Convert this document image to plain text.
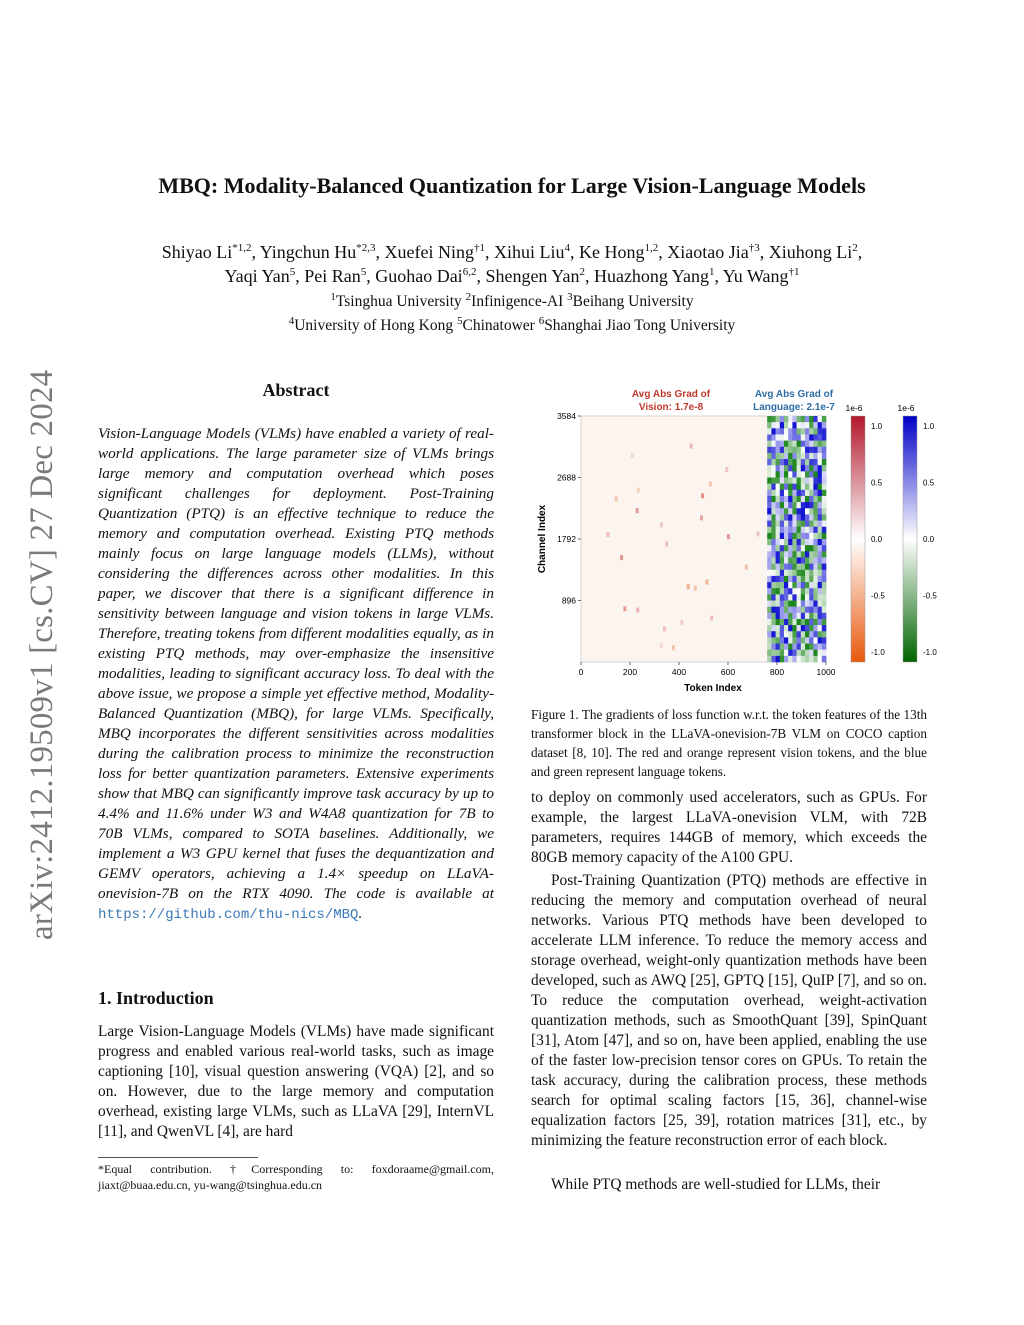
arXiv:2412.19509v1 [cs.CV] 27 Dec 2024
MBQ: Modality-Balanced Quantization for Large Vision-Language Models
Shiyao Li$^{*1,2}$, Yingchun Hu$^{*2,3}$, Xuefei Ning$^{\dagger 1}$, Xihui Liu$^4$, Ke Hong$^{1,2}$, Xiaotao Jia$^{\dagger 3}$, Xiuhong Li$^2$,
Yaqi Yan$^5$, Pei Ran$^5$, Guohao Dai$^{6,2}$, Shengen Yan$^2$, Huazhong Yang$^1$, Yu Wang$^{\dagger 1}$
$^1$Tsinghua University $^2$Infinigence-AI $^3$Beihang University
$^4$University of Hong Kong $^5$Chinatower $^6$Shanghai Jiao Tong University
Abstract
Vision-Language Models (VLMs) have enabled a variety of real-world applications. The large parameter size of VLMs brings large memory and computation overhead which poses significant challenges for deployment. Post-Training Quantization (PTQ) is an effective technique to reduce the memory and computation overhead. Existing PTQ methods mainly focus on large language models (LLMs), without considering the differences across other modalities. In this paper, we discover that there is a significant difference in sensitivity between language and vision tokens in large VLMs. Therefore, treating tokens from different modalities equally, as in existing PTQ methods, may over-emphasize the insensitive modalities, leading to significant accuracy loss. To deal with the above issue, we propose a simple yet effective method, Modality-Balanced Quantization (MBQ), for large VLMs. Specifically, MBQ incorporates the different sensitivities across modalities during the calibration process to minimize the reconstruction loss for better quantization parameters. Extensive experiments show that MBQ can significantly improve task accuracy by up to 4.4% and 11.6% under W3 and W4A8 quantization for 7B to 70B VLMs, compared to SOTA baselines. Additionally, we implement a W3 GPU kernel that fuses the dequantization and GEMV operators, achieving a 1.4× speedup on LLaVA-onevision-7B on the RTX 4090. The code is available at https://github.com/thu-nics/MBQ.
1. Introduction

Large Vision-Language Models (VLMs) have made significant progress and enabled various real-world tasks, such as image captioning [10], visual question answering (VQA) [2], and so on. However, due to the large memory and computation overhead, existing large VLMs, such as LLaVA [29], InternVL [11], and QwenVL [4], are hard

*Equal contribution. †Corresponding to: foxdoraame@gmail.com, jiaxt@buaa.edu.cn, yu-wang@tsinghua.edu.cn
0	200	400	600	800	1000
896
1792
2688
3584
Avg Abs Grad of
Vision: 1.7e-8
Avg Abs Grad of
Language: 2.1e-7
Token Index
Channel Index
1e-6
1.0
0.5
0.0
-0.5
-1.0
1e-6
1.0
0.5
0.0
-0.5
-1.0
Figure 1. The gradients of loss function w.r.t. the token features of the 13th transformer block in the LLaVA-onevision-7B VLM on COCO caption dataset [8, 10]. The red and orange represent vision tokens, and the blue and green represent language tokens.

to deploy on commonly used accelerators, such as GPUs. For example, the largest LLaVA-onevision VLM, with 72B parameters, requires 144GB of memory, which exceeds the 80GB memory capacity of the A100 GPU.

Post-Training Quantization (PTQ) methods are effective in reducing the memory and computation overhead of neural networks. Various PTQ methods have been developed to accelerate LLM inference. To reduce the memory access and storage overhead, weight-only quantization methods have been developed, such as AWQ [25], GPTQ [15], QuIP [7], and so on. To reduce the computation overhead, weight-activation quantization methods, such as SmoothQuant [39], SpinQuant [31], Atom [47], and so on, have been applied, enabling the use of the faster low-precision tensor cores on GPUs. To retain the task accuracy, during the calibration process, these methods search for optimal scaling factors [15, 36], channel-wise equalization factors [25, 39], rotation matrices [31], etc., by minimizing the feature reconstruction error of each block.

While PTQ methods are well-studied for LLMs, their
